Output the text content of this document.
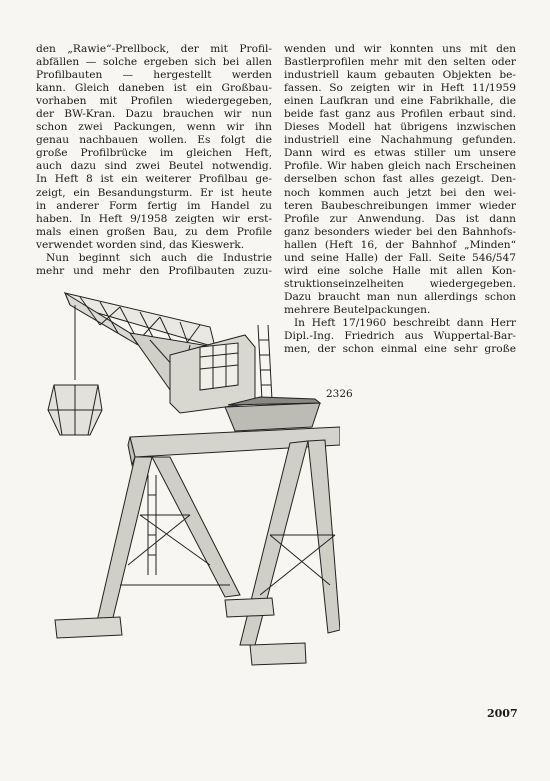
den „Rawie“-Prellbock, der mit Profil-
abfällen — solche ergeben sich bei allen
Profilbauten — hergestellt werden
kann. Gleich daneben ist ein Großbau-
vorhaben mit Profilen wiedergegeben,
der BW-Kran. Dazu brauchen wir nun
schon zwei Packungen, wenn wir ihn
genau nachbauen wollen. Es folgt die
große Profilbrücke im gleichen Heft,
auch dazu sind zwei Beutel notwendig.
In Heft 8 ist ein weiterer Profilbau ge-
zeigt, ein Besandungsturm. Er ist heute
in anderer Form fertig im Handel zu
haben. In Heft 9/1958 zeigten wir erst-
mals einen großen Bau, zu dem Profile
verwendet worden sind, das Kieswerk.
Nun beginnt sich auch die Industrie
mehr und mehr den Profilbauten zuzu-
wenden und wir konnten uns mit den
Bastlerprofilen mehr mit den selten oder
industriell kaum gebauten Objekten be-
fassen. So zeigten wir in Heft 11/1959
einen Laufkran und eine Fabrikhalle, die
beide fast ganz aus Profilen erbaut sind.
Dieses Modell hat übrigens inzwischen
industriell eine Nachahmung gefunden.
Dann wird es etwas stiller um unsere
Profile. Wir haben gleich nach Erscheinen
derselben schon fast alles gezeigt. Den-
noch kommen auch jetzt bei den wei-
teren Baubeschreibungen immer wieder
Profile zur Anwendung. Das ist dann
ganz besonders wieder bei den Bahnhofs-
hallen (Heft 16, der Bahnhof „Minden“
und seine Halle) der Fall. Seite 546/547
wird eine solche Halle mit allen Kon-
struktionseinzelheiten wiedergegeben.
Dazu braucht man nun allerdings schon
mehrere Beutelpackungen.
In Heft 17/1960 beschreibt dann Herr
Dipl.-Ing. Friedrich aus Wuppertal-Bar-
men, der schon einmal eine sehr große
2326
2007
